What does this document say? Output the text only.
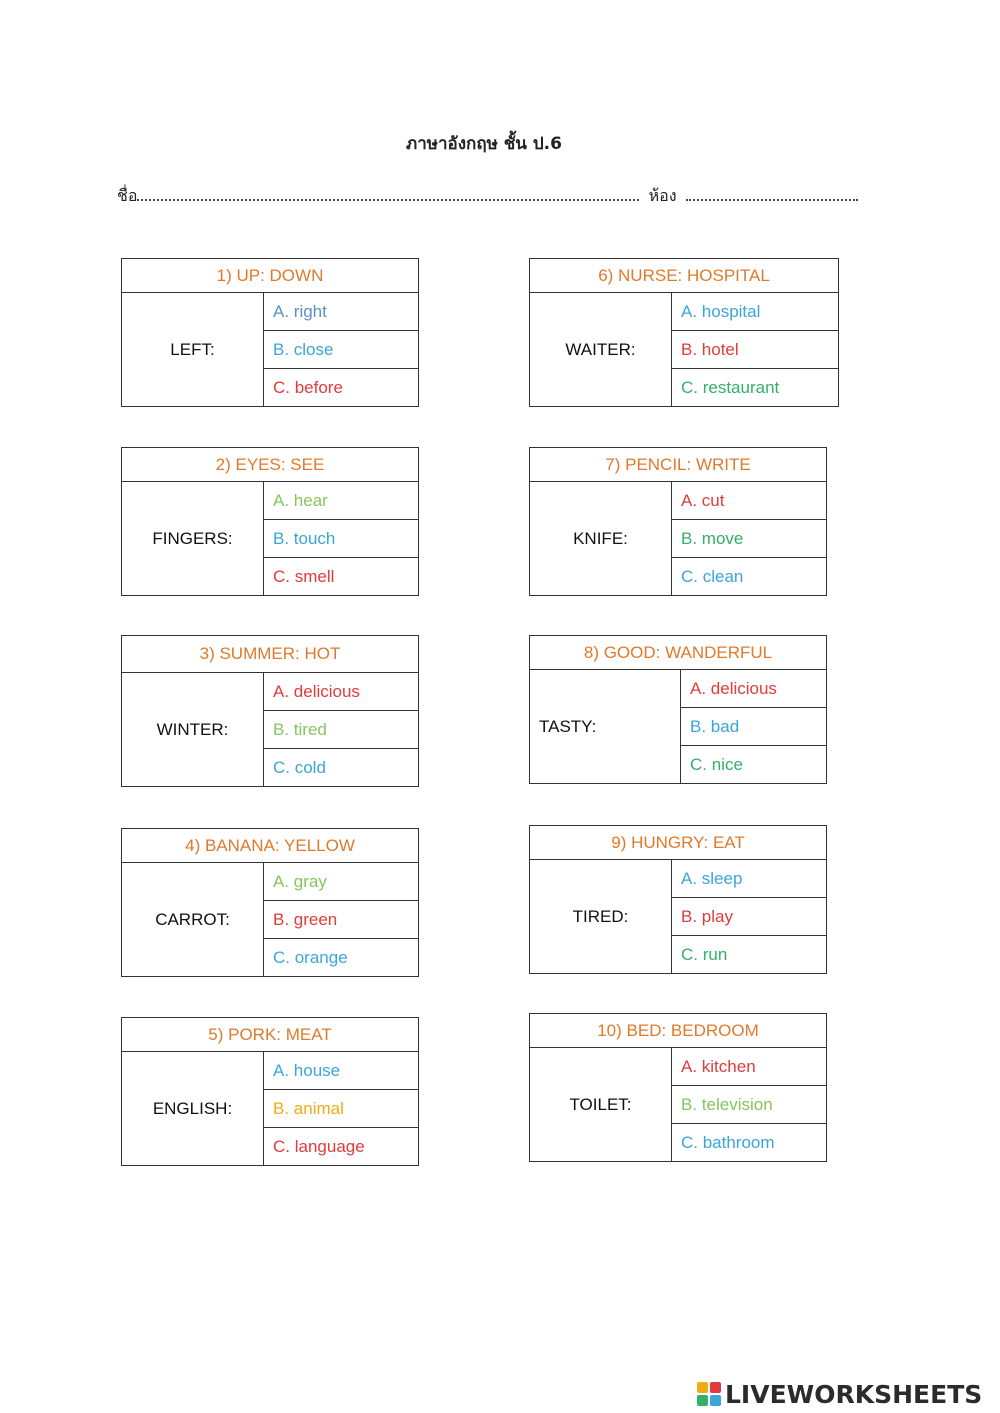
ภาษาอังกฤษ ชั้น ป.6
ชื่อ	ห้อง
1) UP: DOWN
LEFT:	A. right
B. close
C. before
2) EYES: SEE
FINGERS:	A. hear
B. touch
C. smell
3) SUMMER: HOT
WINTER:	A. delicious
B. tired
C. cold
4) BANANA: YELLOW
CARROT:	A. gray
B. green
C. orange
5) PORK: MEAT
ENGLISH:	A. house
B. animal
C. language
6) NURSE: HOSPITAL
WAITER:	A. hospital
B. hotel
C. restaurant
7) PENCIL: WRITE
KNIFE:	A. cut
B. move
C. clean
8) GOOD: WANDERFUL
TASTY:	A. delicious
B. bad
C. nice
9) HUNGRY: EAT
TIRED:	A. sleep
B. play
C. run
10) BED: BEDROOM
TOILET:	A. kitchen
B. television
C. bathroom
LIVEWORKSHEETS
